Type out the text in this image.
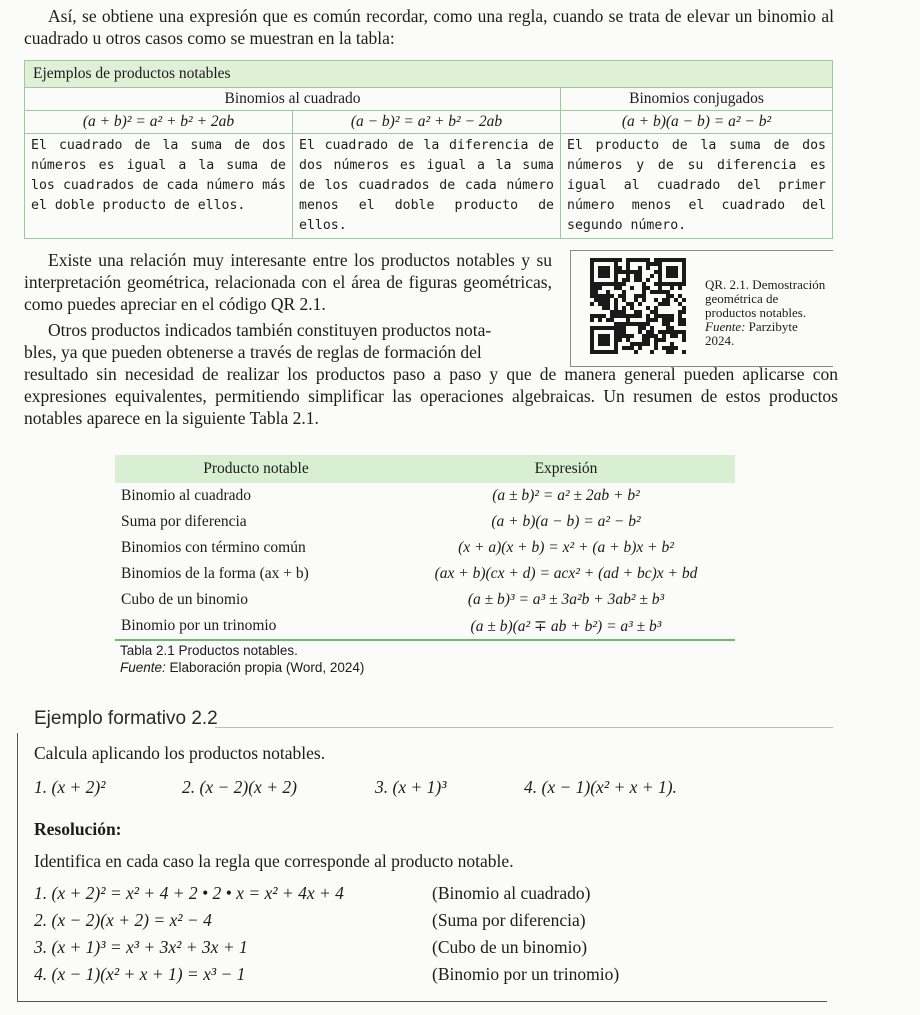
Así, se obtiene una expresión que es común recordar, como una regla, cuando se trata de elevar un binomio al cuadrado u otros casos como se muestran en la tabla:

Ejemplos de productos notables		
Binomios al cuadrado		Binomios conjugados
(a + b)² = a² + b² + 2ab	(a − b)² = a² + b² − 2ab	(a + b)(a − b) = a² − b²
El cuadrado de la suma de dos números es igual a la suma de los cuadrados de cada número más el doble producto de ellos.	El cuadrado de la diferencia de dos números es igual a la suma de los cuadrados de cada número menos el doble producto de ellos.	El producto de la suma de dos números y de su diferencia es igual al cuadrado del primer número menos el cuadrado del segundo número.

Existe una relación muy interesante entre los productos notables y su interpretación geométrica, relacionada con el área de figuras geométricas, como puedes apreciar en el código QR 2.1.

Otros productos indicados también constituyen productos nota-

bles, ya que pueden obtenerse a través de reglas de formación del

resultado sin necesidad de realizar los productos paso a paso y que de manera general pueden aplicarse con expresiones equivalentes, permitiendo simplificar las operaciones algebraicas. Un resumen de estos productos notables aparece en la siguiente Tabla 2.1.

QR. 2.1. Demostración geométrica de productos notables.
Fuente: Parzibyte 2024.
Producto notable	Expresión
Binomio al cuadrado	(a ± b)² = a² ± 2ab + b²
Suma por diferencia	(a + b)(a − b) = a² − b²
Binomios con término común	(x + a)(x + b) = x² + (a + b)x + b²
Binomios de la forma (ax + b)	(ax + b)(cx + d) = acx² + (ad + bc)x + bd
Cubo de un binomio	(a ± b)³ = a³ ± 3a²b + 3ab² ± b³
Binomio por un trinomio	(a ± b)(a² ∓ ab + b²) = a³ ± b³
Tabla 2.1 Productos notables.
Fuente: Elaboración propia (Word, 2024)
Ejemplo formativo 2.2
Calcula aplicando los productos notables.
1. (x + 2)²	2. (x − 2)(x + 2)	3. (x + 1)³	4. (x − 1)(x² + x + 1).
Resolución:
Identifica en cada caso la regla que corresponde al producto notable.
1. (x + 2)² = x² + 4 + 2 • 2 • x = x² + 4x + 4	(Binomio al cuadrado)
2. (x − 2)(x + 2) = x² − 4	(Suma por diferencia)
3. (x + 1)³ = x³ + 3x² + 3x + 1	(Cubo de un binomio)
4. (x − 1)(x² + x + 1) = x³ − 1	(Binomio por un trinomio)
